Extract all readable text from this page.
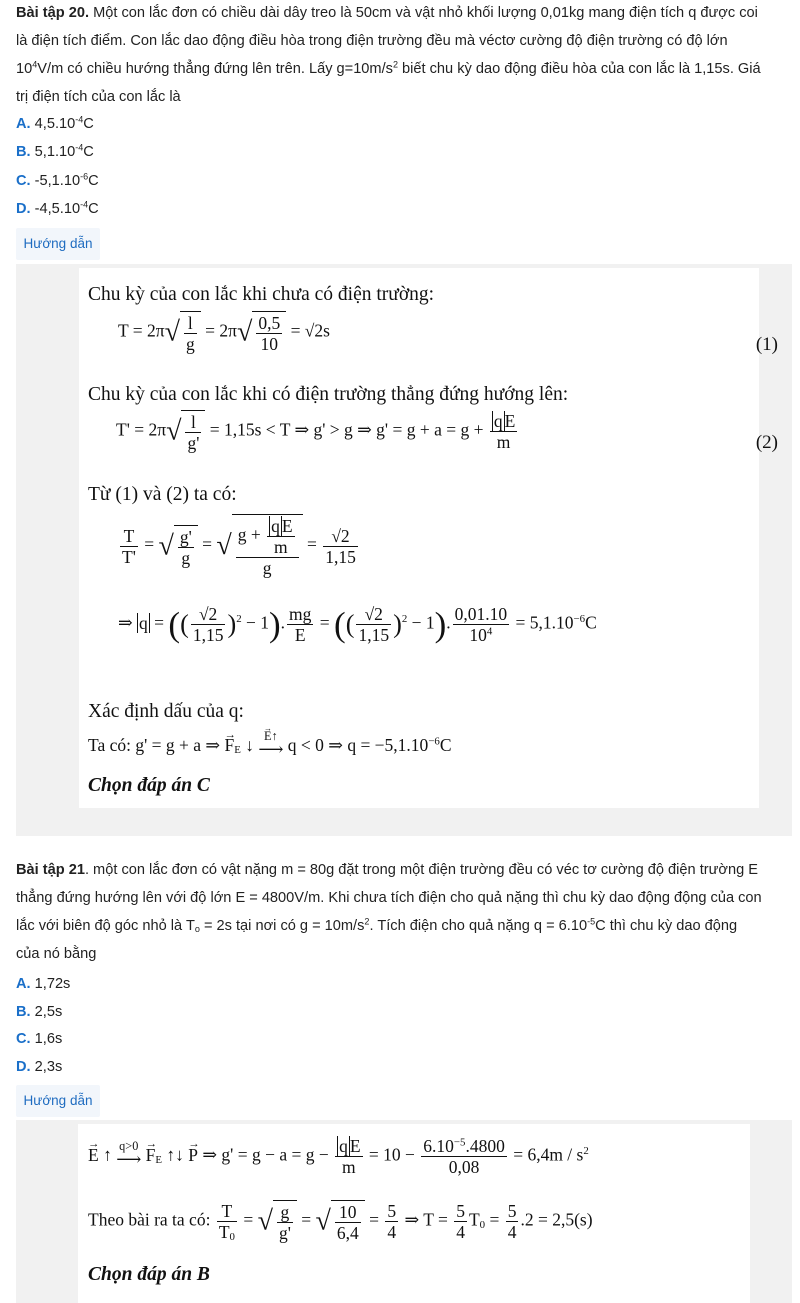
Bài tập 20. Một con lắc đơn có chiều dài dây treo là 50cm và vật nhỏ khối lượng 0,01kg mang điện tích q được coi
là điện tích điểm. Con lắc dao động điều hòa trong điện trường đều mà véctơ cường độ điện trường có độ lớn
$10^4V/m$ có chiều hướng thẳng đứng lên trên. Lấy $g=10m/s^2$ biết chu kỳ dao động điều hòa của con lắc là 1,15s. Giá
trị điện tích của con lắc là
A. $4,5.10^{-4}C$
B. $5,1.10^{-4}C$
C. $-5,1.10^{-6}C$
D. $-4,5.10^{-4}C$
Hướng dẫn
Chu kỳ của con lắc khi chưa có điện trường:
$T = 2\pi√ \frac{l}{g} = 2\pi√ \frac{0,5}{10} = √2s$
(1)
Chu kỳ của con lắc khi có điện trường thẳng đứng hướng lên:
$T' = 2\pi√ \frac{l}{g'} = 1,15s < T$ ⇒ g' > g ⇒ $g' = g + a = g + \frac{\text{q E}}{m}$	(2)
Từ (1) và (2) ta có:
$\frac{T}{T'}$ = √ $\frac{g'}{g}$ = √ $\frac{g + \frac{\text{q E}}{m}}{g} = \frac{√2}{1,15}$
⇒ q = (( $\frac{√2}{1,15} )^2 - 1$). $\frac{mg}{E}$ = (( $\frac{√2}{1,15} )^2 - 1$). $\frac{0,01.10}{10^4} = 5,1.10^{-6}C$
Xác định dấu của q:
Ta có: g' = g + a ⇒ → $F_E$ ↓ → E↑
⟶ q < 0 ⇒ $q = -5,1.10^{-6}C$
Chọn đáp án C
Bài tập 21. một con lắc đơn có vật nặng m = 80g đặt trong một điện trường đều có véc tơ cường độ điện trường E
thẳng đứng hướng lên với độ lớn E = 4800V/m. Khi chưa tích điện cho quả nặng thì chu kỳ dao động động của con
lắc với biên độ góc nhỏ là $T_o = 2s$ tại nơi có $g = 10m/s^2$. Tích điện cho quả nặng $q = 6.10^{-5}C$ thì chu kỳ dao động
của nó bằng
A. 1,72s
B. 2,5s
C. 1,6s
D. 2,3s
Hướng dẫn
→ E ↑ q>0
⟶ → $F_E$ ↑↓ → P ⇒ $g' = g - a = g - \frac{\text{q E}}{m} = 10 - \frac{6.10^{-5}.4800}{0,08} = 6,4m / s^2$
Theo bài ra ta có: $\frac{T}{T_0}$ = √ $\frac{g}{g'}$ = √ $\frac{10}{6,4} = \frac{5}{4}$ ⇒ $T = \frac{5}{4} T_0 = \frac{5}{4} .2 = 2,5(s)$
Chọn đáp án B
